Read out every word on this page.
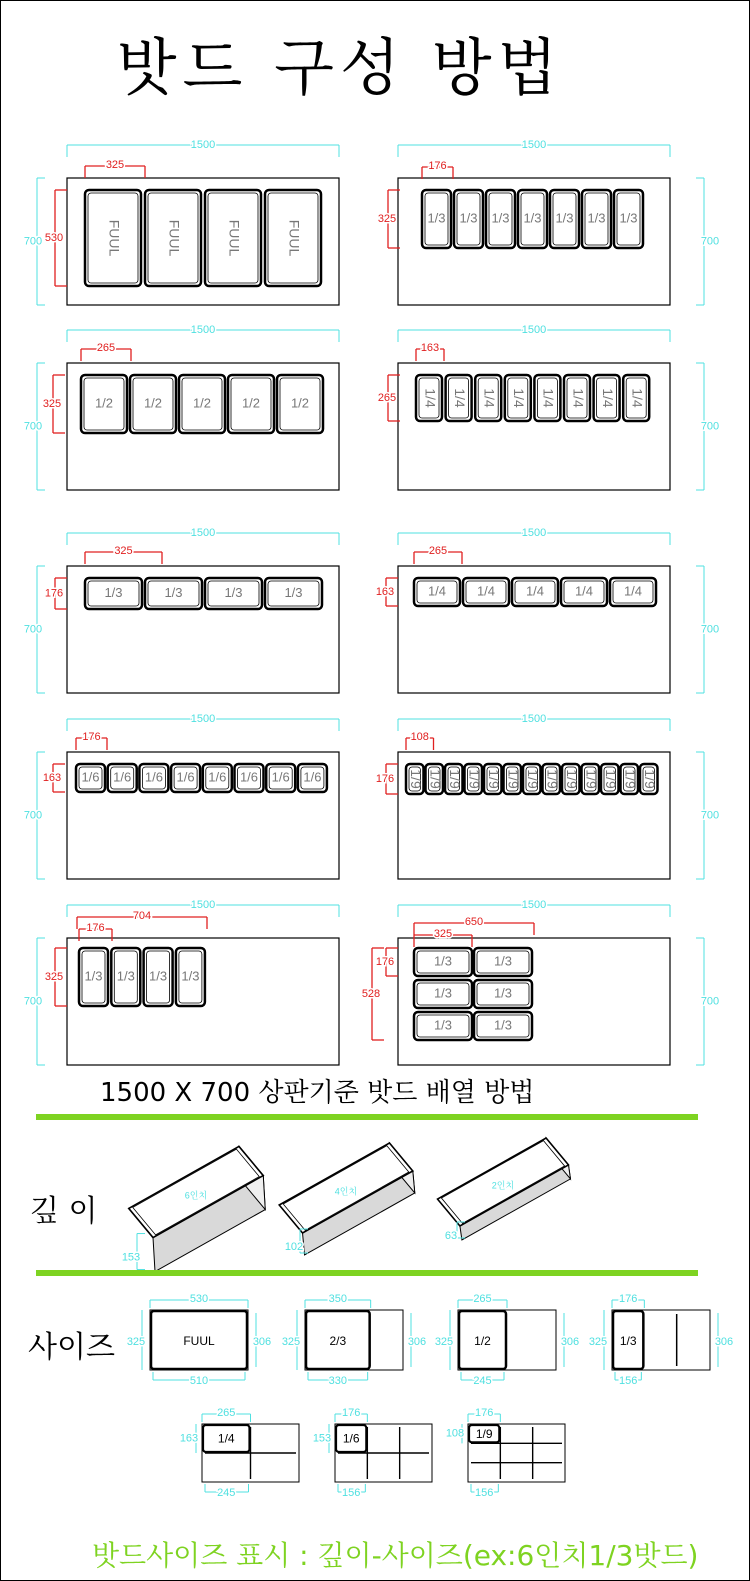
밧드 구성 방법
1500
700
1500
700
1500
700
1500
700
1500
700
1500
700
1500
700
1500
700
1500
700
1500
700
FUUL	FUUL	FUUL	FUUL
325
530
1/3 1/3 1/3 1/3 1/3 1/3 1/3
176
325
1/2 1/2 1/2 1/2 1/2
265
325	1/4 1/4 1/4 1/4 1/4 1/4 1/4 1/4
163
265
1/3	1/3	1/3	1/3
325
176	1/4 1/4 1/4 1/4 1/4
265
163
1/6 1/6 1/6 1/6 1/6 1/6 1/6 1/6
176
163	1/9 1/9 1/9 1/9 1/9 1/9 1/9 1/9 1/9 1/9 1/9 1/9 1/9
108
176
1/3 1/3 1/3 1/3
176
704
325
1/3	1/3
1/3	1/3
1/3	1/3
325
650
176
528
6인치
153
4인치
102
2인치
63
FUUL
530
510
325	306	2/3
350
330
325	306	1/2
265
245
325	306	1/3
176
156
325	306
1/4
265
245
163	1/6
176
156
153	1/9
176
156
108
1500 X 700 상판기준 밧드 배열 방법
깊 이
사이즈
밧드사이즈 표시 : 깊이-사이즈(ex:6인치1/3밧드)
